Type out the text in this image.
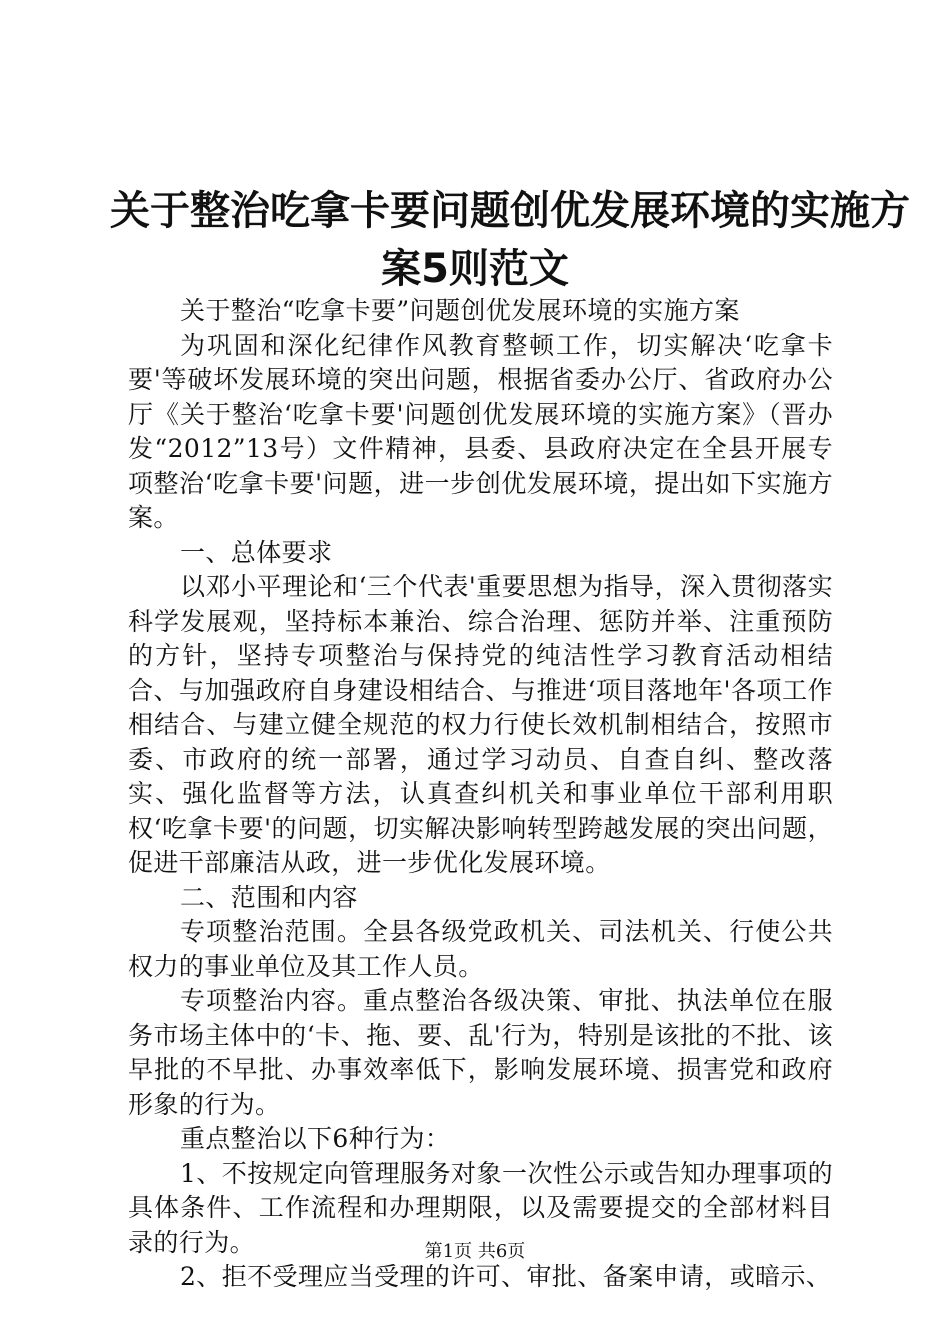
关于整治吃拿卡要问题创优发展环境的实施方
案5则范文

关于整治“吃拿卡要”问题创优发展环境的实施方案

为巩固和深化纪律作风教育整顿工作，切实解决‘吃拿卡要'等破坏发展环境的突出问题，根据省委办公厅、省政府办公厅《关于整治‘吃拿卡要'问题创优发展环境的实施方案》（晋办发“2012”13号）文件精神，县委、县政府决定在全县开展专项整治‘吃拿卡要'问题，进一步创优发展环境，提出如下实施方案。

一、总体要求

以邓小平理论和‘三个代表'重要思想为指导，深入贯彻落实科学发展观，坚持标本兼治、综合治理、惩防并举、注重预防的方针，坚持专项整治与保持党的纯洁性学习教育活动相结合、与加强政府自身建设相结合、与推进‘项目落地年'各项工作相结合、与建立健全规范的权力行使长效机制相结合，按照市委、市政府的统一部署，通过学习动员、自查自纠、整改落实、强化监督等方法，认真查纠机关和事业单位干部利用职权‘吃拿卡要'的问题，切实解决影响转型跨越发展的突出问题，促进干部廉洁从政，进一步优化发展环境。

二、范围和内容

专项整治范围。全县各级党政机关、司法机关、行使公共权力的事业单位及其工作人员。

专项整治内容。重点整治各级决策、审批、执法单位在服务市场主体中的‘卡、拖、要、乱'行为，特别是该批的不批、该早批的不早批、办事效率低下，影响发展环境、损害党和政府形象的行为。

重点整治以下6种行为：

1、不按规定向管理服务对象一次性公示或告知办理事项的具体条件、工作流程和办理期限，以及需要提交的全部材料目录的行为。

2、拒不受理应当受理的许可、审批、备案申请，或暗示、

第1页 共6页
